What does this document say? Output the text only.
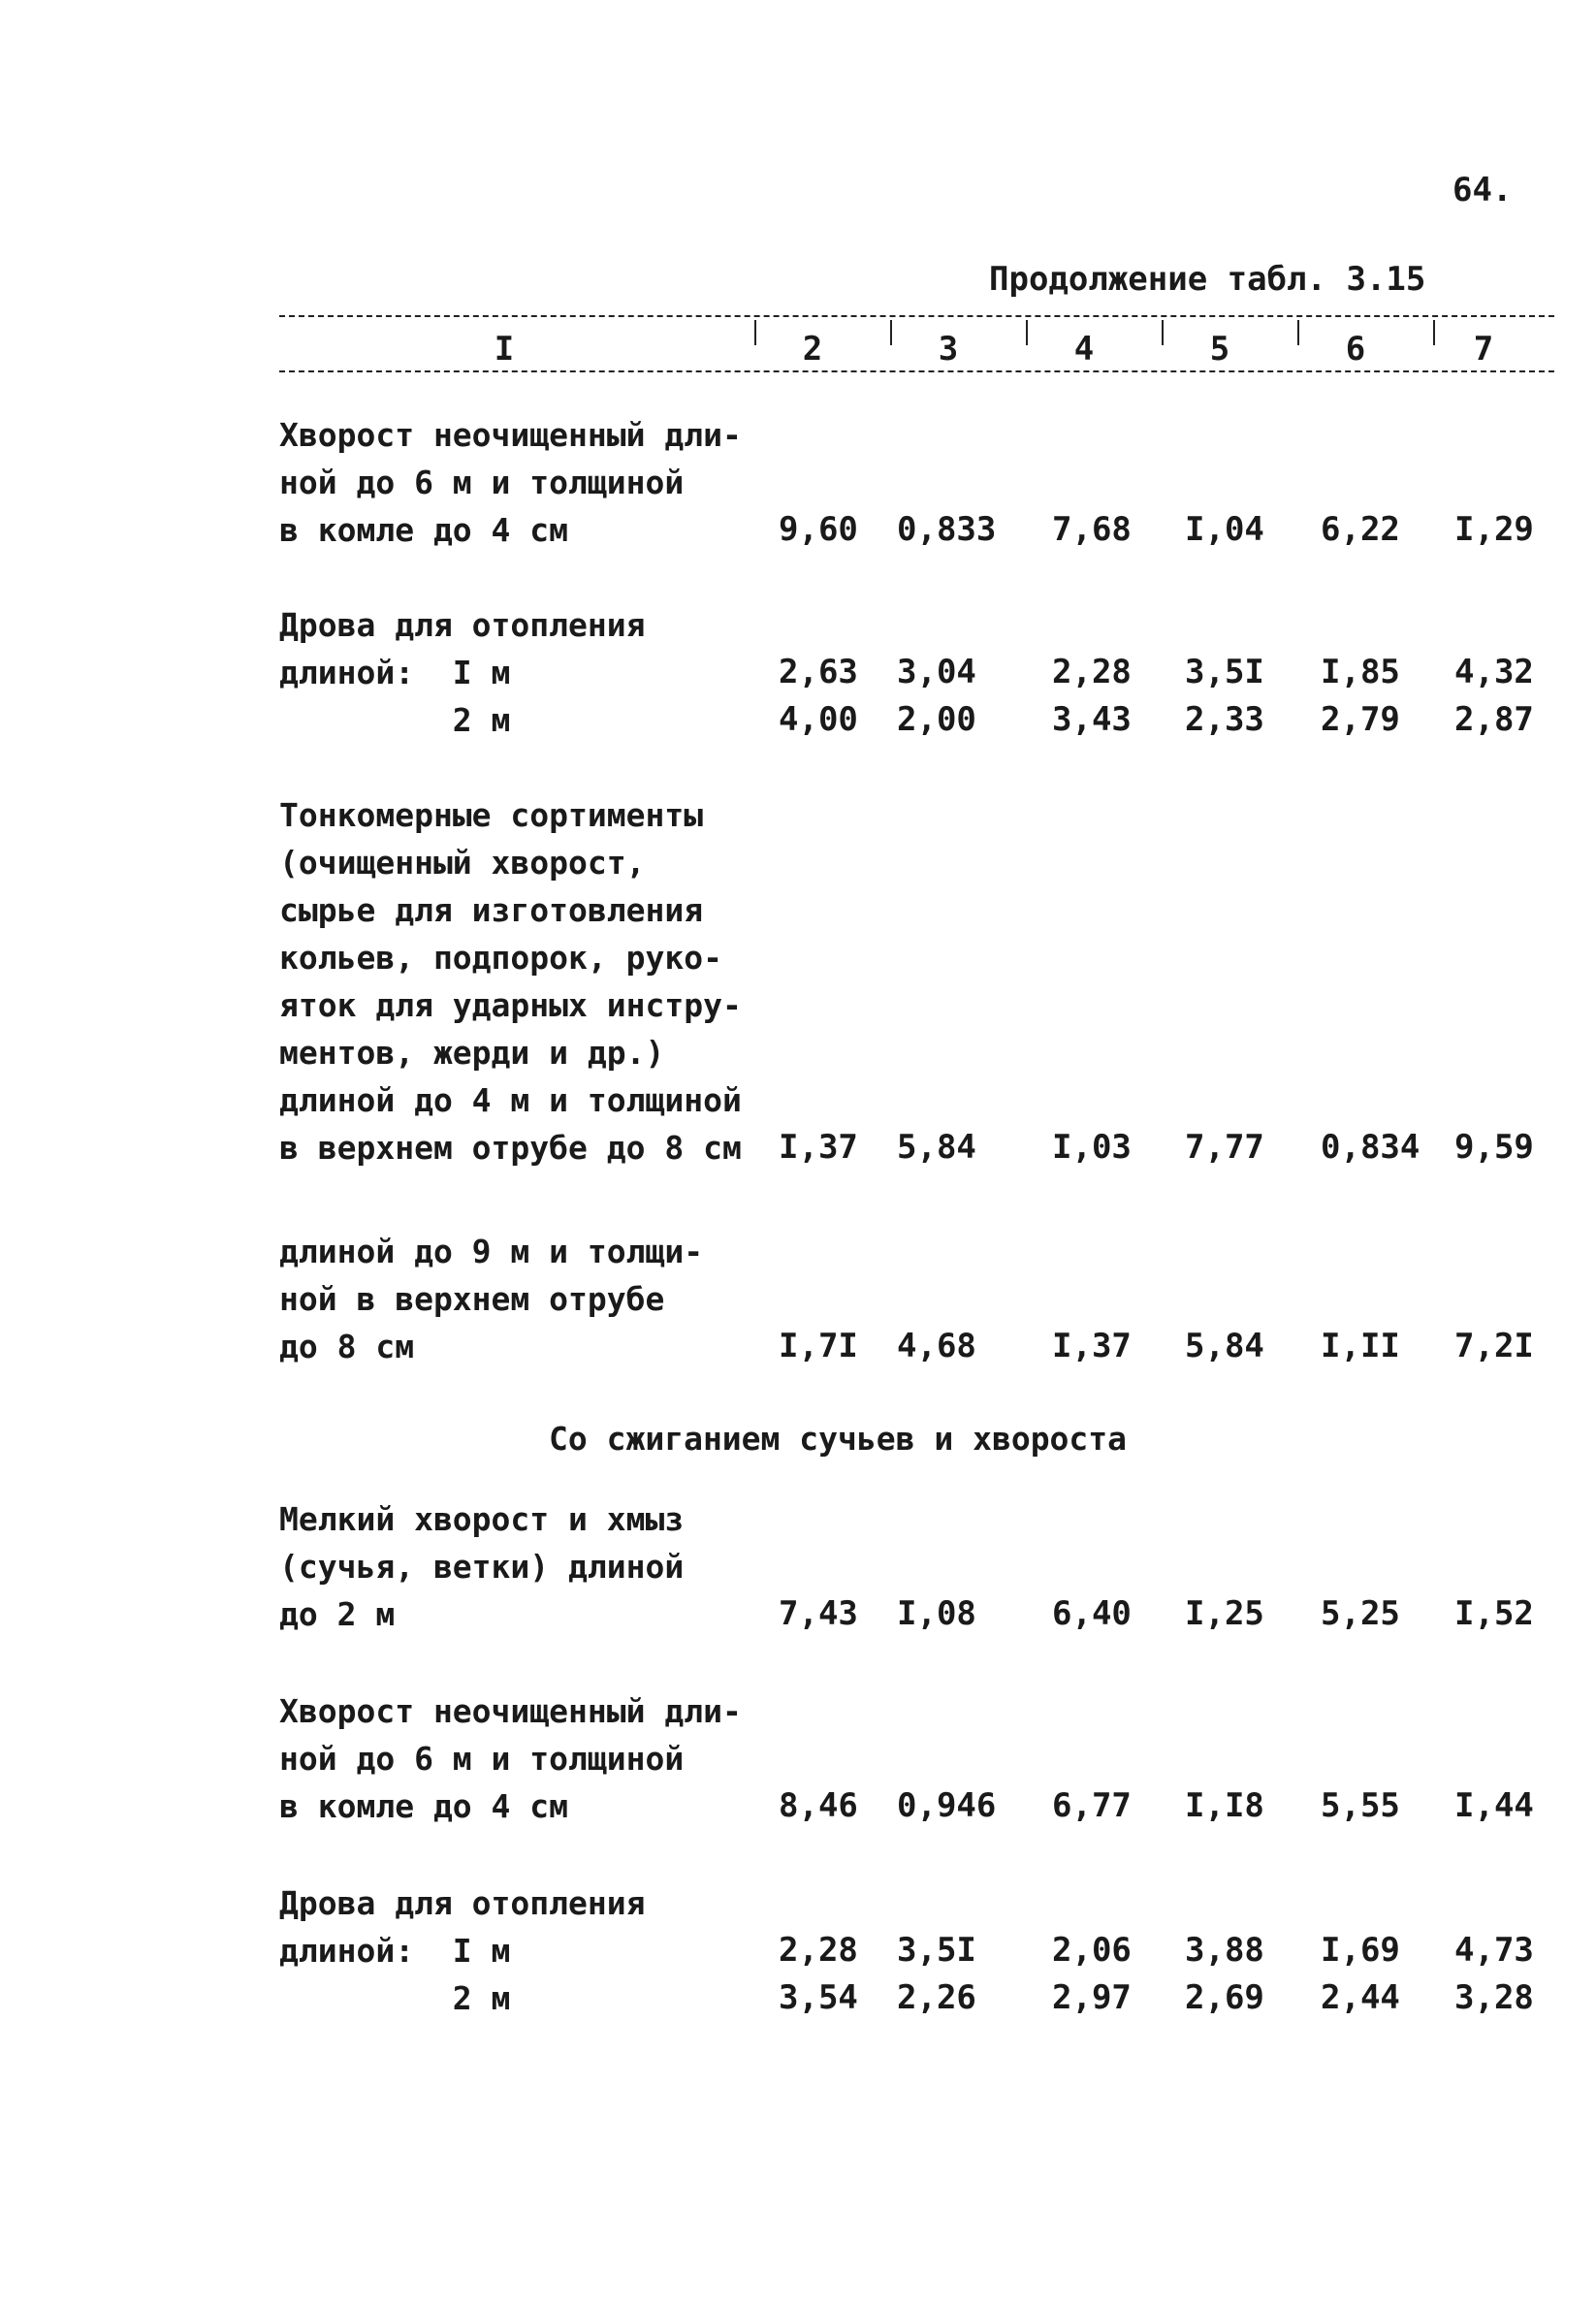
64.
Продолжение табл. 3.15
I	2	3	4	5	6	7
Хворост неочищенный дли-
ной до 6 м и толщиной
в комле до 4 см	9,60 0,833 7,68 I,04 6,22 I,29
Дрова для отопления
длиной:  I м	2,63 3,04 2,28 3,5I I,85 4,32
2 м	4,00 2,00 3,43 2,33 2,79 2,87
Тонкомерные сортименты
(очищенный хворост,
сырье для изготовления
кольев, подпорок, руко-
яток для ударных инстру-
ментов, жерди и др.)
длиной до 4 м и толщиной
в верхнем отрубе до 8 см I,37 5,84 I,03 7,77 0,834 9,59
длиной до 9 м и толщи-
ной в верхнем отрубе
до 8 см	I,7I 4,68 I,37 5,84 I,II 7,2I
Со сжиганием сучьев и хвороста
Мелкий хворост и хмыз
(сучья, ветки) длиной
до 2 м	7,43 I,08 6,40 I,25 5,25 I,52
Хворост неочищенный дли-
ной до 6 м и толщиной
в комле до 4 см	8,46 0,946 6,77 I,I8 5,55 I,44
Дрова для отопления
длиной:  I м	2,28 3,5I 2,06 3,88 I,69 4,73
2 м	3,54 2,26 2,97 2,69 2,44 3,28
